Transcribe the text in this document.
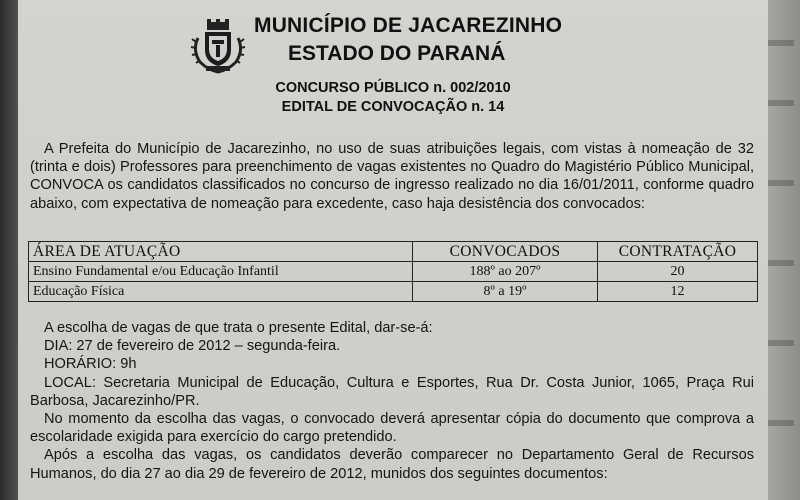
MUNICÍPIO DE JACAREZINHO
ESTADO DO PARANÁ
CONCURSO PÚBLICO n. 002/2010
EDITAL DE CONVOCAÇÃO n. 14
A Prefeita do Município de Jacarezinho, no uso de suas atribuições legais, com vistas à nomeação de 32 (trinta e dois) Professores para preenchimento de vagas existentes no Quadro do Magistério Público Municipal, CONVOCA os candidatos classificados no concurso de ingresso realizado no dia 16/01/2011, conforme quadro abaixo, com expectativa de nomeação para excedente, caso haja desistência dos convocados:
ÁREA DE ATUAÇÃO	CONVOCADOS	CONTRATAÇÃO
Ensino Fundamental e/ou Educação Infantil	188º ao 207º	20
Educação Física	8º a 19º	12

A escolha de vagas de que trata o presente Edital, dar-se-á:

DIA: 27 de fevereiro de 2012 – segunda-feira.

HORÁRIO: 9h

LOCAL: Secretaria Municipal de Educação, Cultura e Esportes, Rua Dr. Costa Junior, 1065, Praça Rui Barbosa, Jacarezinho/PR.

No momento da escolha das vagas, o convocado deverá apresentar cópia do documento que comprova a escolaridade exigida para exercício do cargo pretendido.

Após a escolha das vagas, os candidatos deverão comparecer no Departamento Geral de Recursos Humanos, do dia 27 ao dia 29 de fevereiro de 2012, munidos dos seguintes documentos:
